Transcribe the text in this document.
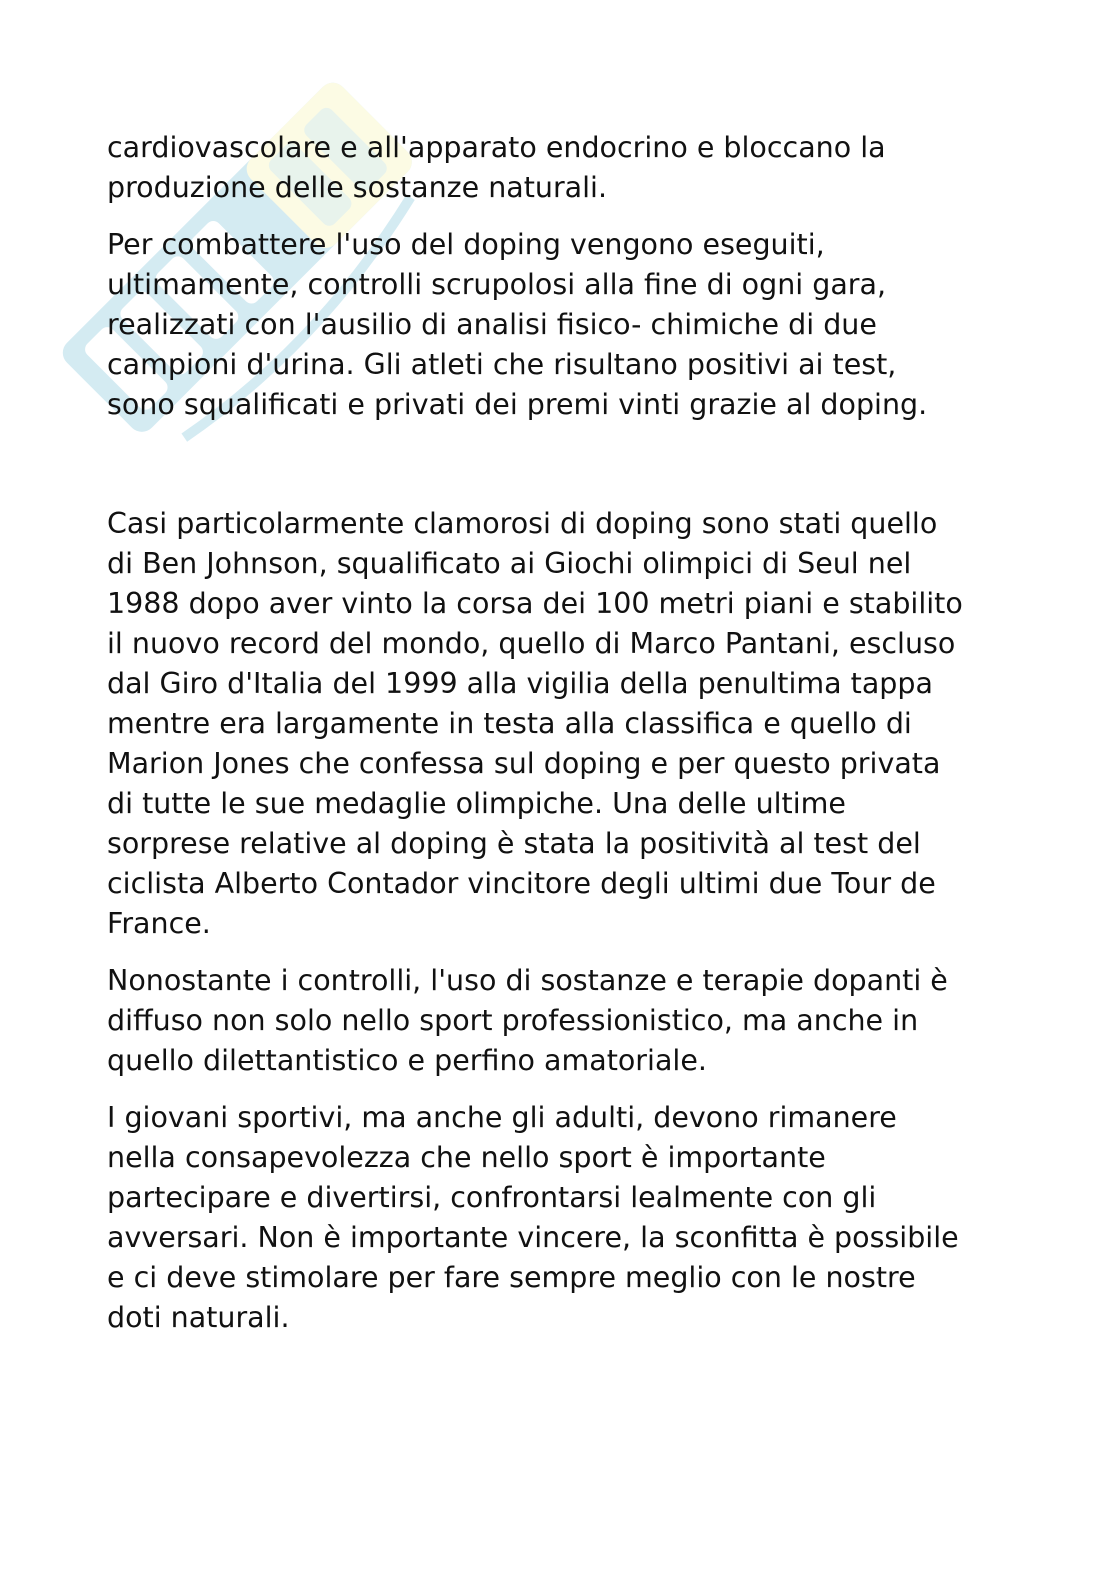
cardiovascolare e all'apparato endocrino e bloccano la
produzione delle sostanze naturali.

Per combattere l'uso del doping vengono eseguiti,
ultimamente, controlli scrupolosi alla fine di ogni gara,
realizzati con l'ausilio di analisi fisico- chimiche di due
campioni d'urina. Gli atleti che risultano positivi ai test,
sono squalificati e privati dei premi vinti grazie al doping.

Casi particolarmente clamorosi di doping sono stati quello
di Ben Johnson, squalificato ai Giochi olimpici di Seul nel
1988 dopo aver vinto la corsa dei 100 metri piani e stabilito
il nuovo record del mondo, quello di Marco Pantani, escluso
dal Giro d'Italia del 1999 alla vigilia della penultima tappa
mentre era largamente in testa alla classifica e quello di
Marion Jones che confessa sul doping e per questo privata
di tutte le sue medaglie olimpiche. Una delle ultime
sorprese relative al doping è stata la positività al test del
ciclista Alberto Contador vincitore degli ultimi due Tour de
France.

Nonostante i controlli, l'uso di sostanze e terapie dopanti è
diffuso non solo nello sport professionistico, ma anche in
quello dilettantistico e perfino amatoriale.

I giovani sportivi, ma anche gli adulti, devono rimanere
nella consapevolezza che nello sport è importante
partecipare e divertirsi, confrontarsi lealmente con gli
avversari. Non è importante vincere, la sconfitta è possibile
e ci deve stimolare per fare sempre meglio con le nostre
doti naturali.
